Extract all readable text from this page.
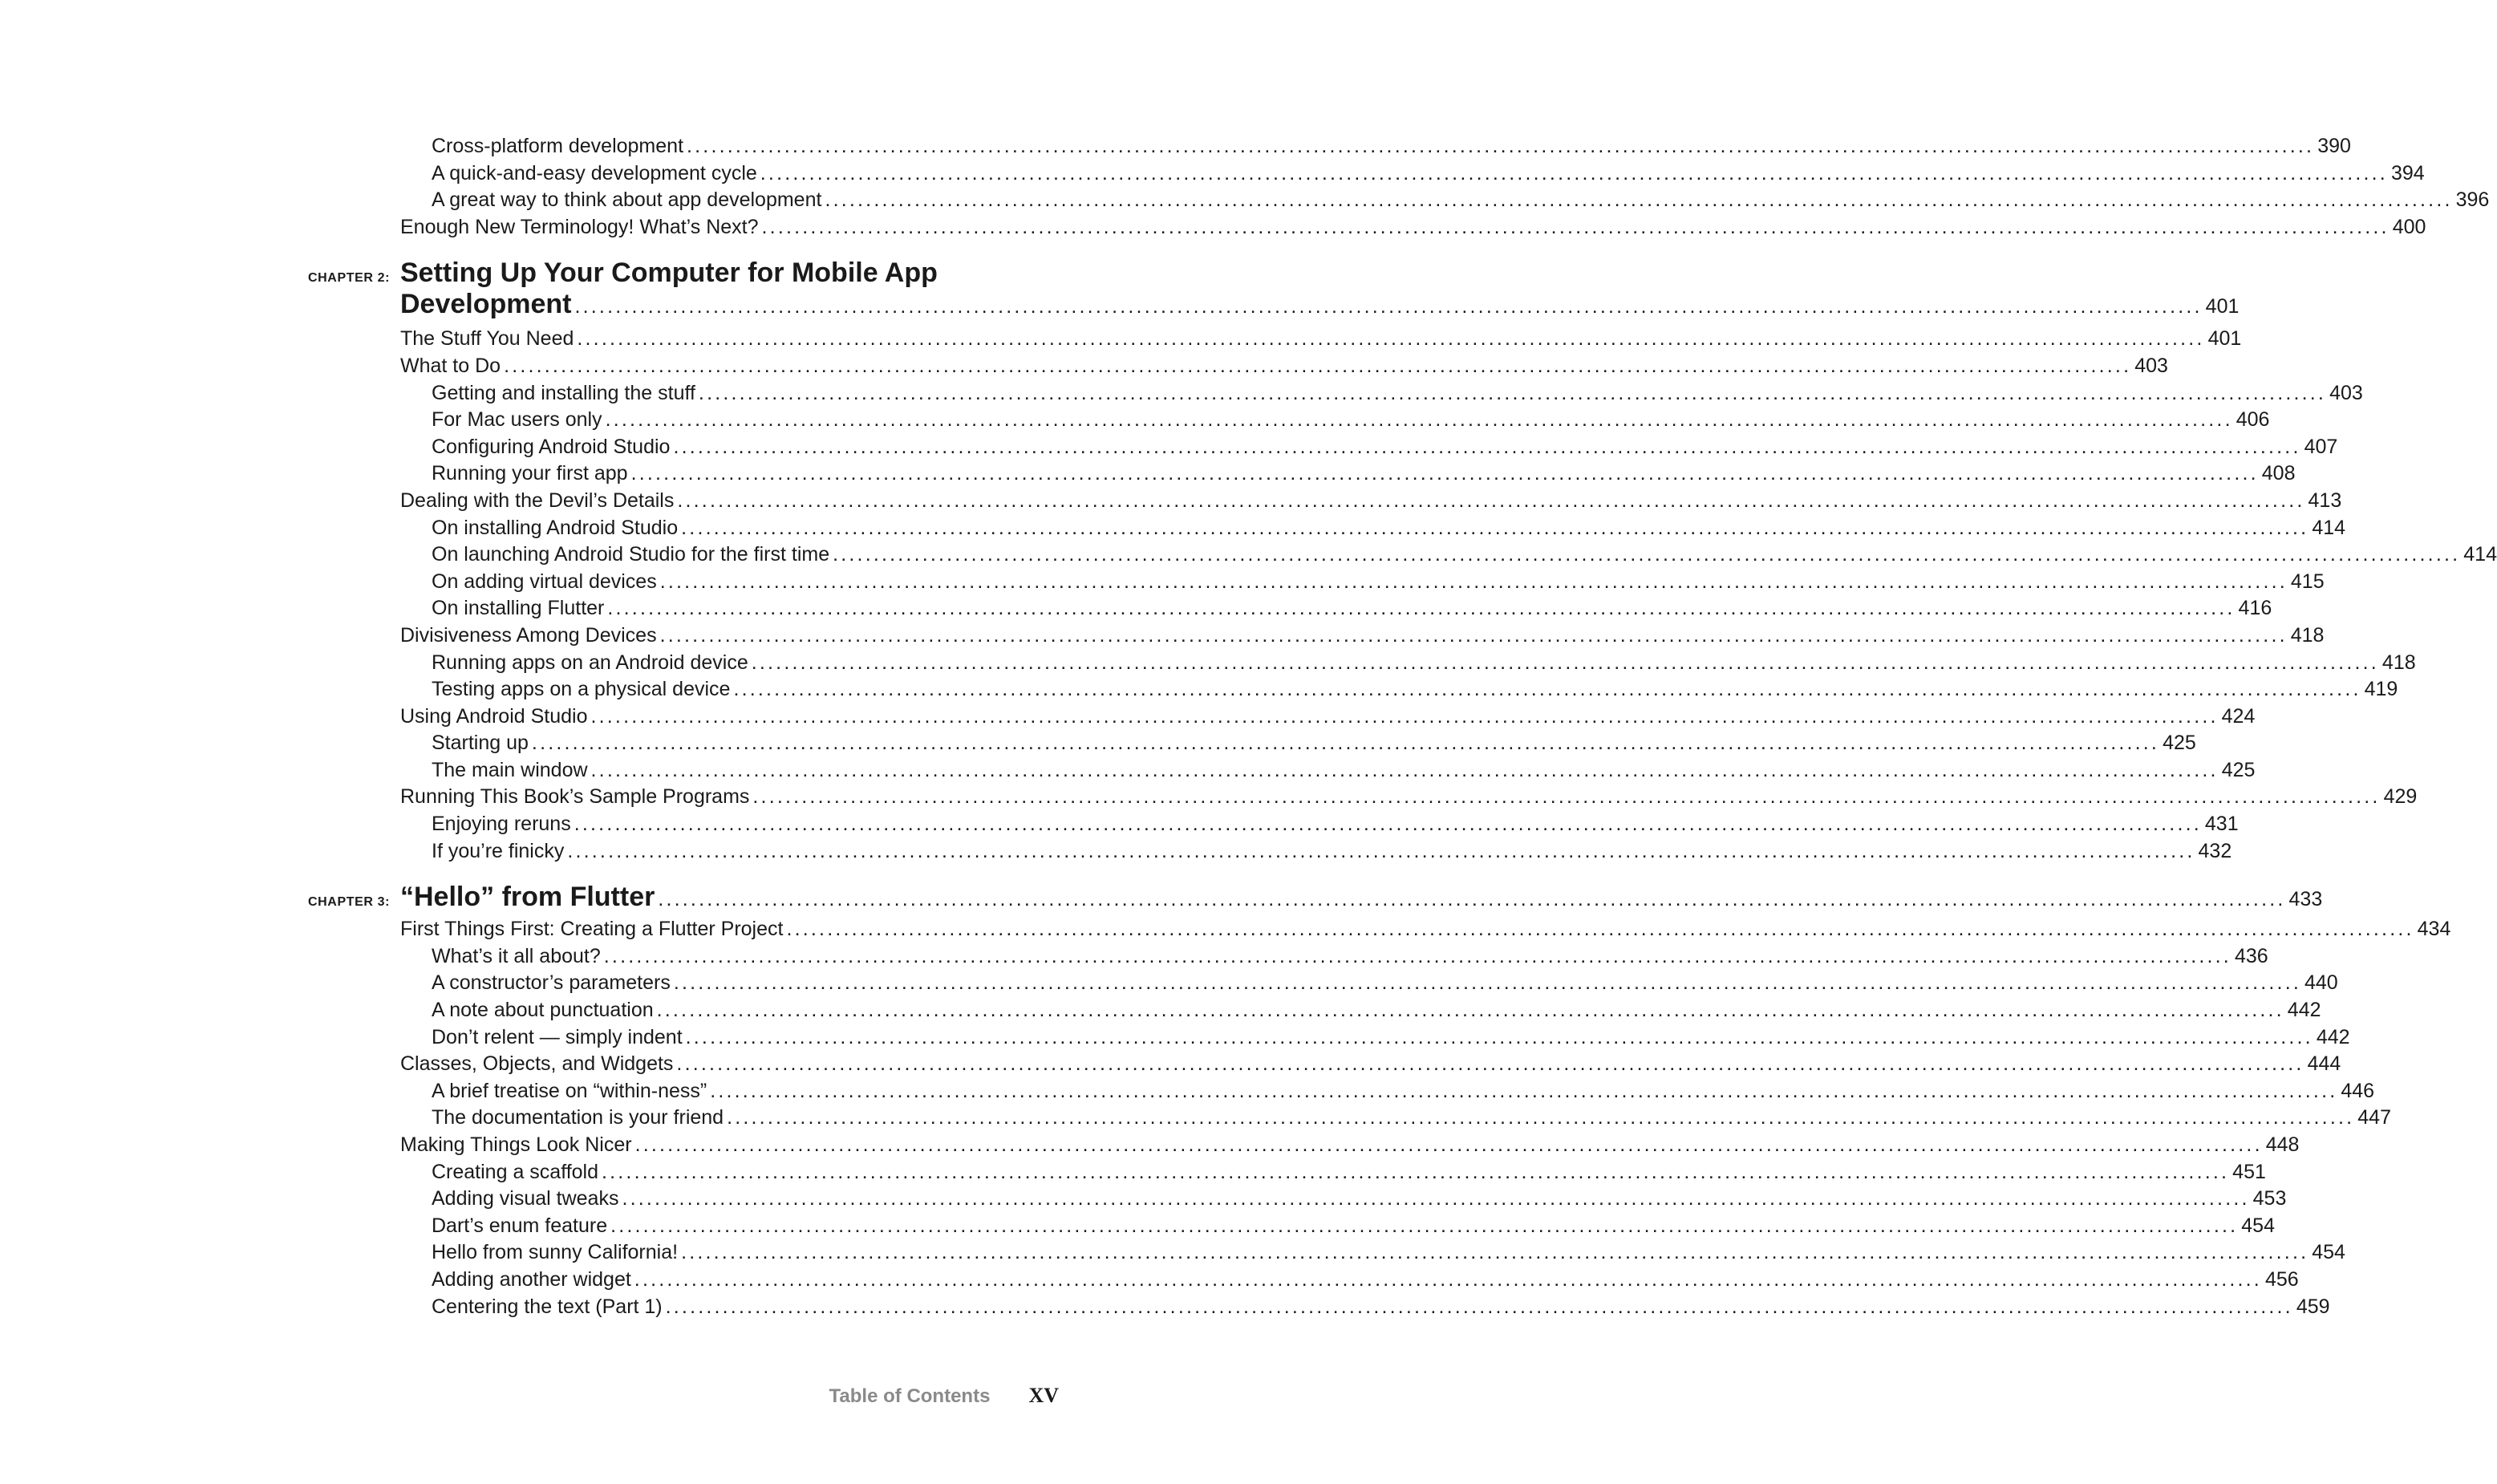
Cross-platform development ........................................................................................................................................................................................................ 390
A quick-and-easy development cycle ........................................................................................................................................................................................................ 394
A great way to think about app development ........................................................................................................................................................................................................ 396
Enough New Terminology! What’s Next? ........................................................................................................................................................................................................ 400
CHAPTER 2: Setting Up Your Computer for Mobile App
Development ........................................................................................................................................................................................................ 401
The Stuff You Need ........................................................................................................................................................................................................ 401
What to Do ........................................................................................................................................................................................................ 403
Getting and installing the stuff ........................................................................................................................................................................................................ 403
For Mac users only ........................................................................................................................................................................................................ 406
Configuring Android Studio ........................................................................................................................................................................................................ 407
Running your first app ........................................................................................................................................................................................................ 408
Dealing with the Devil’s Details ........................................................................................................................................................................................................ 413
On installing Android Studio ........................................................................................................................................................................................................ 414
On launching Android Studio for the first time ........................................................................................................................................................................................................ 414
On adding virtual devices ........................................................................................................................................................................................................ 415
On installing Flutter ........................................................................................................................................................................................................ 416
Divisiveness Among Devices ........................................................................................................................................................................................................ 418
Running apps on an Android device ........................................................................................................................................................................................................ 418
Testing apps on a physical device ........................................................................................................................................................................................................ 419
Using Android Studio ........................................................................................................................................................................................................ 424
Starting up ........................................................................................................................................................................................................ 425
The main window ........................................................................................................................................................................................................ 425
Running This Book’s Sample Programs ........................................................................................................................................................................................................ 429
Enjoying reruns ........................................................................................................................................................................................................ 431
If you’re finicky ........................................................................................................................................................................................................ 432
CHAPTER 3: “Hello” from Flutter ........................................................................................................................................................................................................ 433
First Things First: Creating a Flutter Project ........................................................................................................................................................................................................ 434
What’s it all about? ........................................................................................................................................................................................................ 436
A constructor’s parameters ........................................................................................................................................................................................................ 440
A note about punctuation ........................................................................................................................................................................................................ 442
Don’t relent — simply indent ........................................................................................................................................................................................................ 442
Classes, Objects, and Widgets ........................................................................................................................................................................................................ 444
A brief treatise on “within-ness” ........................................................................................................................................................................................................ 446
The documentation is your friend ........................................................................................................................................................................................................ 447
Making Things Look Nicer ........................................................................................................................................................................................................ 448
Creating a scaffold ........................................................................................................................................................................................................ 451
Adding visual tweaks ........................................................................................................................................................................................................ 453
Dart’s enum feature ........................................................................................................................................................................................................ 454
Hello from sunny California! ........................................................................................................................................................................................................ 454
Adding another widget ........................................................................................................................................................................................................ 456
Centering the text (Part 1) ........................................................................................................................................................................................................ 459
Table of Contents XV
